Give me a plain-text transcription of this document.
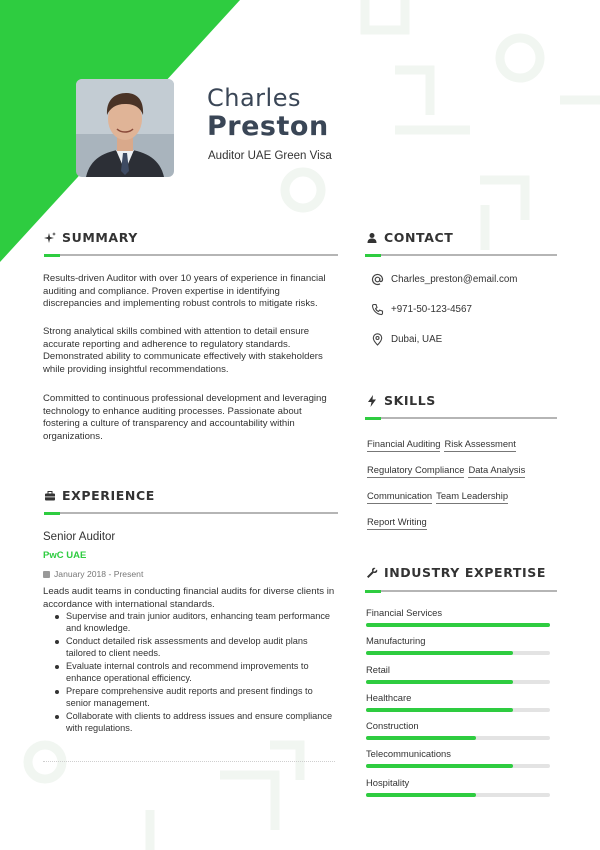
Charles
Preston
Auditor UAE Green Visa
SUMMARY
Results-driven Auditor with over 10 years of experience in financial auditing and compliance. Proven expertise in identifying discrepancies and implementing robust controls to mitigate risks.
Strong analytical skills combined with attention to detail ensure accurate reporting and adherence to regulatory standards. Demonstrated ability to communicate effectively with stakeholders while providing insightful recommendations.
Committed to continuous professional development and leveraging technology to enhance auditing processes. Passionate about fostering a culture of transparency and accountability within organizations.
CONTACT
Charles_preston@email.com
+971-50-123-4567
Dubai, UAE
SKILLS
Financial Auditing Risk Assessment Regulatory Compliance Data Analysis Communication Team Leadership Report Writing
EXPERIENCE
Senior Auditor
PwC UAE
January 2018 - Present
Leads audit teams in conducting financial audits for diverse clients in accordance with international standards.
Supervise and train junior auditors, enhancing team performance and knowledge.
Conduct detailed risk assessments and develop audit plans tailored to client needs.
Evaluate internal controls and recommend improvements to enhance operational efficiency.
Prepare comprehensive audit reports and present findings to senior management.
Collaborate with clients to address issues and ensure compliance with regulations.
INDUSTRY EXPERTISE
Financial Services
Manufacturing
Retail
Healthcare
Construction
Telecommunications
Hospitality
